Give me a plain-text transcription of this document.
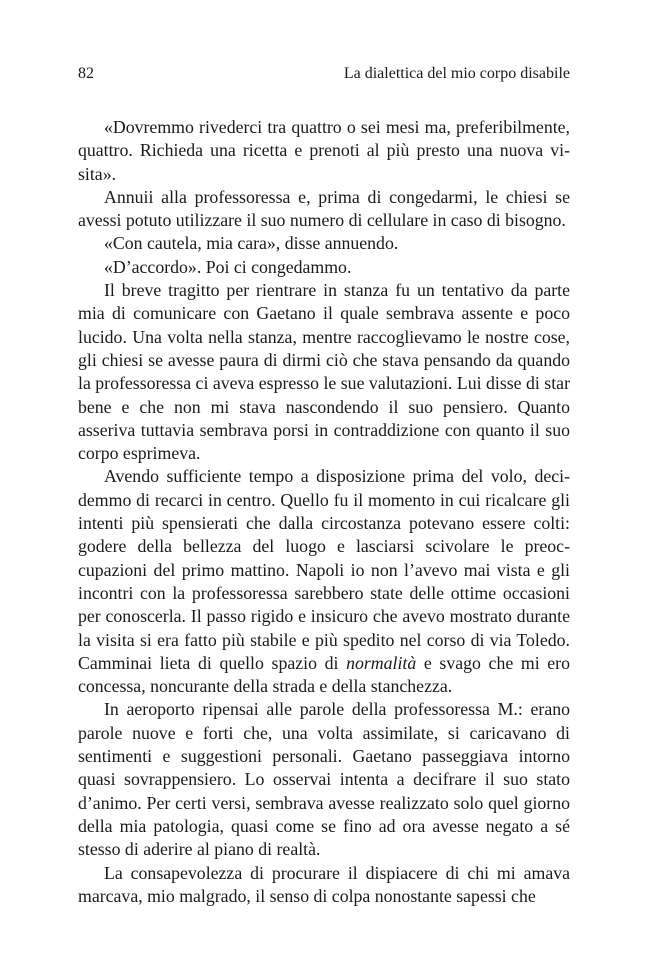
82	La dialettica del mio corpo disabile

«Dovremmo rivederci tra quattro o sei mesi ma, preferibilmente, quattro. Richieda una ricetta e prenoti al più presto una nuova visita».

Annuii alla professoressa e, prima di congedarmi, le chiesi se avessi potuto utilizzare il suo numero di cellulare in caso di bisogno.

«Con cautela, mia cara», disse annuendo.

«D’accordo». Poi ci congedammo.

Il breve tragitto per rientrare in stanza fu un tentativo da parte mia di comunicare con Gaetano il quale sembrava assente e poco lucido. Una volta nella stanza, mentre raccoglievamo le nostre cose, gli chiesi se avesse paura di dirmi ciò che stava pensando da quando la professoressa ci aveva espresso le sue valutazioni. Lui disse di star bene e che non mi stava nascondendo il suo pensiero. Quanto asseriva tuttavia sembrava porsi in contraddizione con quanto il suo corpo esprimeva.

Avendo sufficiente tempo a disposizione prima del volo, decidemmo di recarci in centro. Quello fu il momento in cui ricalcare gli intenti più spensierati che dalla circostanza potevano essere colti: godere della bellezza del luogo e lasciarsi scivolare le preoccupazioni del primo mattino. Napoli io non l’avevo mai vista e gli incontri con la professoressa sarebbero state delle ottime occasioni per conoscerla. Il passo rigido e insicuro che avevo mostrato durante la visita si era fatto più stabile e più spedito nel corso di via Toledo. Camminai lieta di quello spazio di normalità e svago che mi ero concessa, noncurante della strada e della stanchezza.

In aeroporto ripensai alle parole della professoressa M.: erano parole nuove e forti che, una volta assimilate, si caricavano di sentimenti e suggestioni personali. Gaetano passeggiava intorno quasi sovrappensiero. Lo osservai intenta a decifrare il suo stato d’animo. Per certi versi, sembrava avesse realizzato solo quel giorno della mia patologia, quasi come se fino ad ora avesse negato a sé stesso di aderire al piano di realtà.

La consapevolezza di procurare il dispiacere di chi mi amava marcava, mio malgrado, il senso di colpa nonostante sapessi che
